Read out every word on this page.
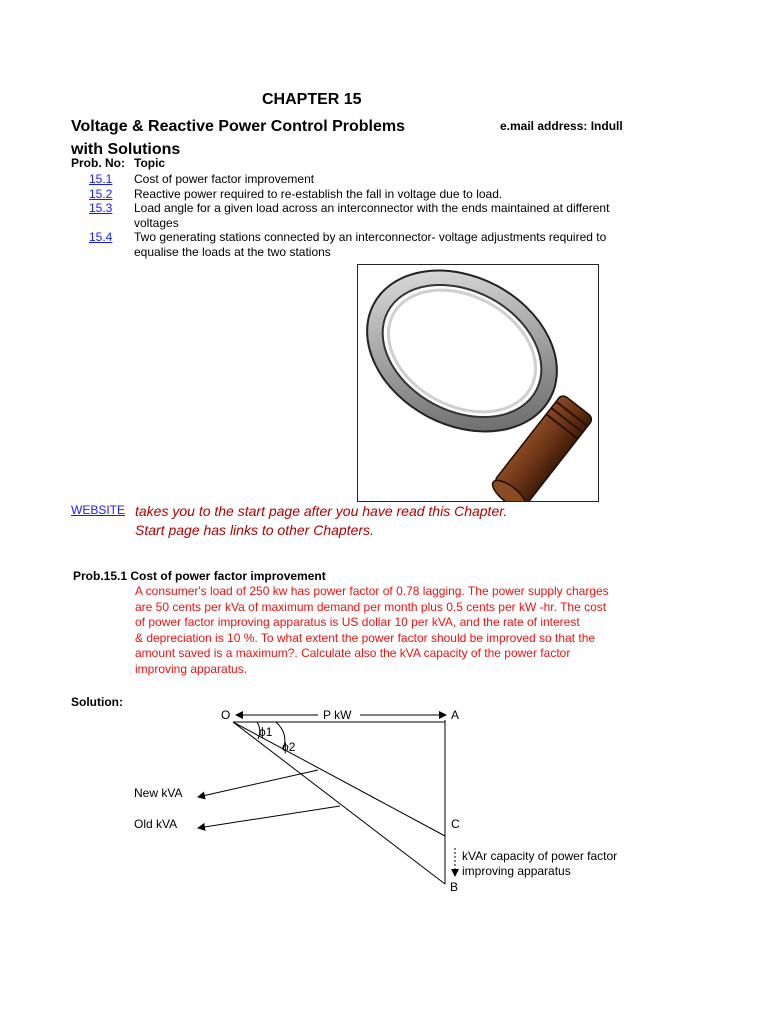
CHAPTER 15
Voltage & Reactive Power Control Problems
with Solutions
e.mail address: Indull
Prob. No: Topic
15.1 Cost of power factor improvement
15.2 Reactive power required to re-establish the fall in voltage due to load.
15.3 Load angle for a given load across an interconnector with the ends maintained at different
voltages
15.4 Two generating stations connected by an interconnector- voltage adjustments required to
equalise the loads at the two stations
WEBSITE takes you to the start page after you have read this Chapter.
Start page has links to other Chapters.
Prob.15.1 Cost of power factor improvement
A consumer's load of 250 kw has power factor of 0.78 lagging. The power supply charges
are 50 cents per kVa of maximum demand per month plus 0.5 cents per kW -hr. The cost
of power factor improving apparatus is US dollar 10 per kVA, and the rate of interest
& depreciation is 10 %. To what extent the power factor should be improved so that the
amount saved is a maximum?. Calculate also the kVA capacity of the power factor
improving apparatus.
Solution:
O	P kW	A
ϕ1
ϕ2
New kVA
Old kVA	C
B
kVAr capacity of power factor
improving apparatus
